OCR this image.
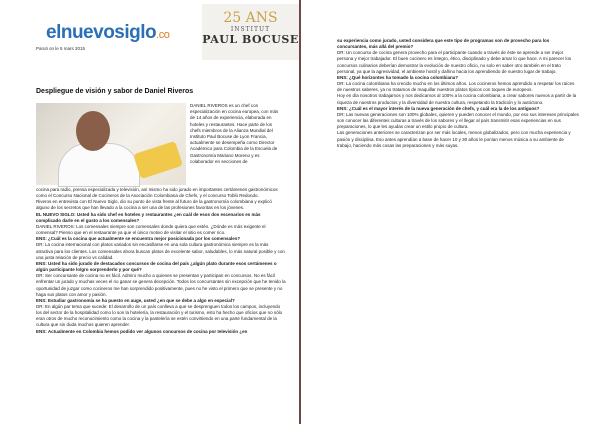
elnuevosiglo.co
Paruti on le 5 mars 2015
Despliegue de visión y sabor de Daniel Riveros
DANIEL RIVEROS es un chef con especialización en cocina europea, con más de 14 años de experiencia, elaborada en hoteles y restaurantes. Hace parte de los chefs miembros de la Alianza Mundial del Instituto Paul Bocuse de Lyon Francia, actualmente se desempeña como Director Académico para Colombia de la Escuela de Gastronomía Mariano Moreno y es colaborador en secciones de

cocina para radio, prensa especializada y televisión, así mismo ha sido jurado en importantes certámenes gastronómicos como el Concurso Nacional de Cocineros de la Asociación Colombiana de Chefs, y el concurso Toblú Redondo.

Riveros en entrevista con El Nuevo Siglo, dio su punto de vista frente al futuro de la gastronomía colombiana y explicó alguno de los secretos que han llevado a la cocina a ser una de las profesiones favoritas en los jóvenes.

EL NUEVO SIGLO: Usted ha sido chef en hoteles y restaurantes ¿en cuál de esos dos escenarios es más complicado darle en el gusto a los comensales?

DANIEL RIVEROS: Los comensales siempre son comensales donde quiera que estén. ¿Dónde es más exigente el comensal? Pienso que en el restaurante ya que el único motivo de visitar el sitio es comer rico.

ENS: ¿Cuál es la cocina que actualmente se encuentra mejor posicionada por los comensales?

DR: La cocina internacional con platos variados sin encasillarse en una sola cultura gastronómica siempre es la más atractiva para los clientes. Los comensales ahora buscan platos de excelente sabor, saludables, lo más natural posible y con una justa relación de precio vs calidad.

ENS: Usted ha sido jurado de destacados concursos de cocina del país ¿algún plato durante esos certámenes o algún participante lo/gro sorprenderlo y por qué?

DR: Ser concursante de cocina no es fácil. Admiro mucho a quienes se presentan y participan en concursos. No es fácil enfrentar un jurado y muchas veces el no ganar se genera decepción. Todos los concursantes sin excepción que he tenido la oportunidad de juzgar como cocineros me han sorprendido positivamente, pues no he visto el primero que se presente y no haga sus platos con amor y pasión.

ENS: Estudiar gastronomía se ha puesto en auge, usted ¿en que se debe a algo en especial?

DR: En algún par tema que sucede: El desarrollo de un país conlleva a que se desprenguen todos los campos, incluyendo los del sector de la hospitalidad como lo son la hotelería, la restauración y el turismo, esto ha hecho que oficios que no sólo eran otros de mucho reconocimiento como la cocina y la pastelería se estén convirtiendo en una parte fundamental de la cultura que sin duda muchos quieren aprender.

ENS: Actualmente en Colombia hemos podido ver algunos concursos de cocina por televisión ¿en

25 ANS
INSTITUT
PAUL BOCUSE	su experiencia como jurado, usted considera que este tipo de programas son de provecho para los concursantes, más allá del premio?

DR: Un concurso de cocina genera provecho para el participante cuando a través de éste se aprende a ser mejor persona y mejor trabajador. El buen cocinero es íntegro, ético, disciplinado y debe amar lo que hace. A mi parecer los concursos culinarios deberían demostrar la evolución de nuestro oficio, no solo en saber otro también en el trato personal, ya que la agresividad, el ambiente hostil y dañino hacia los aprendiendo de nuestro lugar de trabajo.

ENS: ¿Qué horizontes ha tomado la cocina colombiana?

DR: La cocina colombiana ha crecido mucho en los últimos años. Los cocineros hemos aprendido a respetar los raíces de nuestros saberes, ya no tratamos de maquillar nuestros platos típicos con toques de europeos.

Hoy en día nosotros trabajamos y nos dedicamos al 100% a la cocina colombiana, a crear sabores nuevos a partir de la riqueza de nuestros productos y la diversidad de nuestra cultura, respetando la tradición y lo autóctono.

ENS: ¿Cuál es el mayor interés de la nueva generación de chefs, y cuál era la de los antiguos?

DR: Las nuevas generaciones son 100% globales, quieren y pueden conocer el mundo, por eso sus intereses principales son conocer las diferentes culturas a través de los sabores y el llegar al país transmitir esas experiencias en sus preparaciones, lo que les ayudas crear un estilo propio de cultura.

Las generaciones anteriores se caracterizan por ser más locales, menos globalizados, pero con mucha experiencia y pasión y disciplina. Eso antes aprendían a base de hacer 10 y 30 años le ponían menos música a su ambiente de trabajo, haciendo más cosas las preparaciones y más suyas.
